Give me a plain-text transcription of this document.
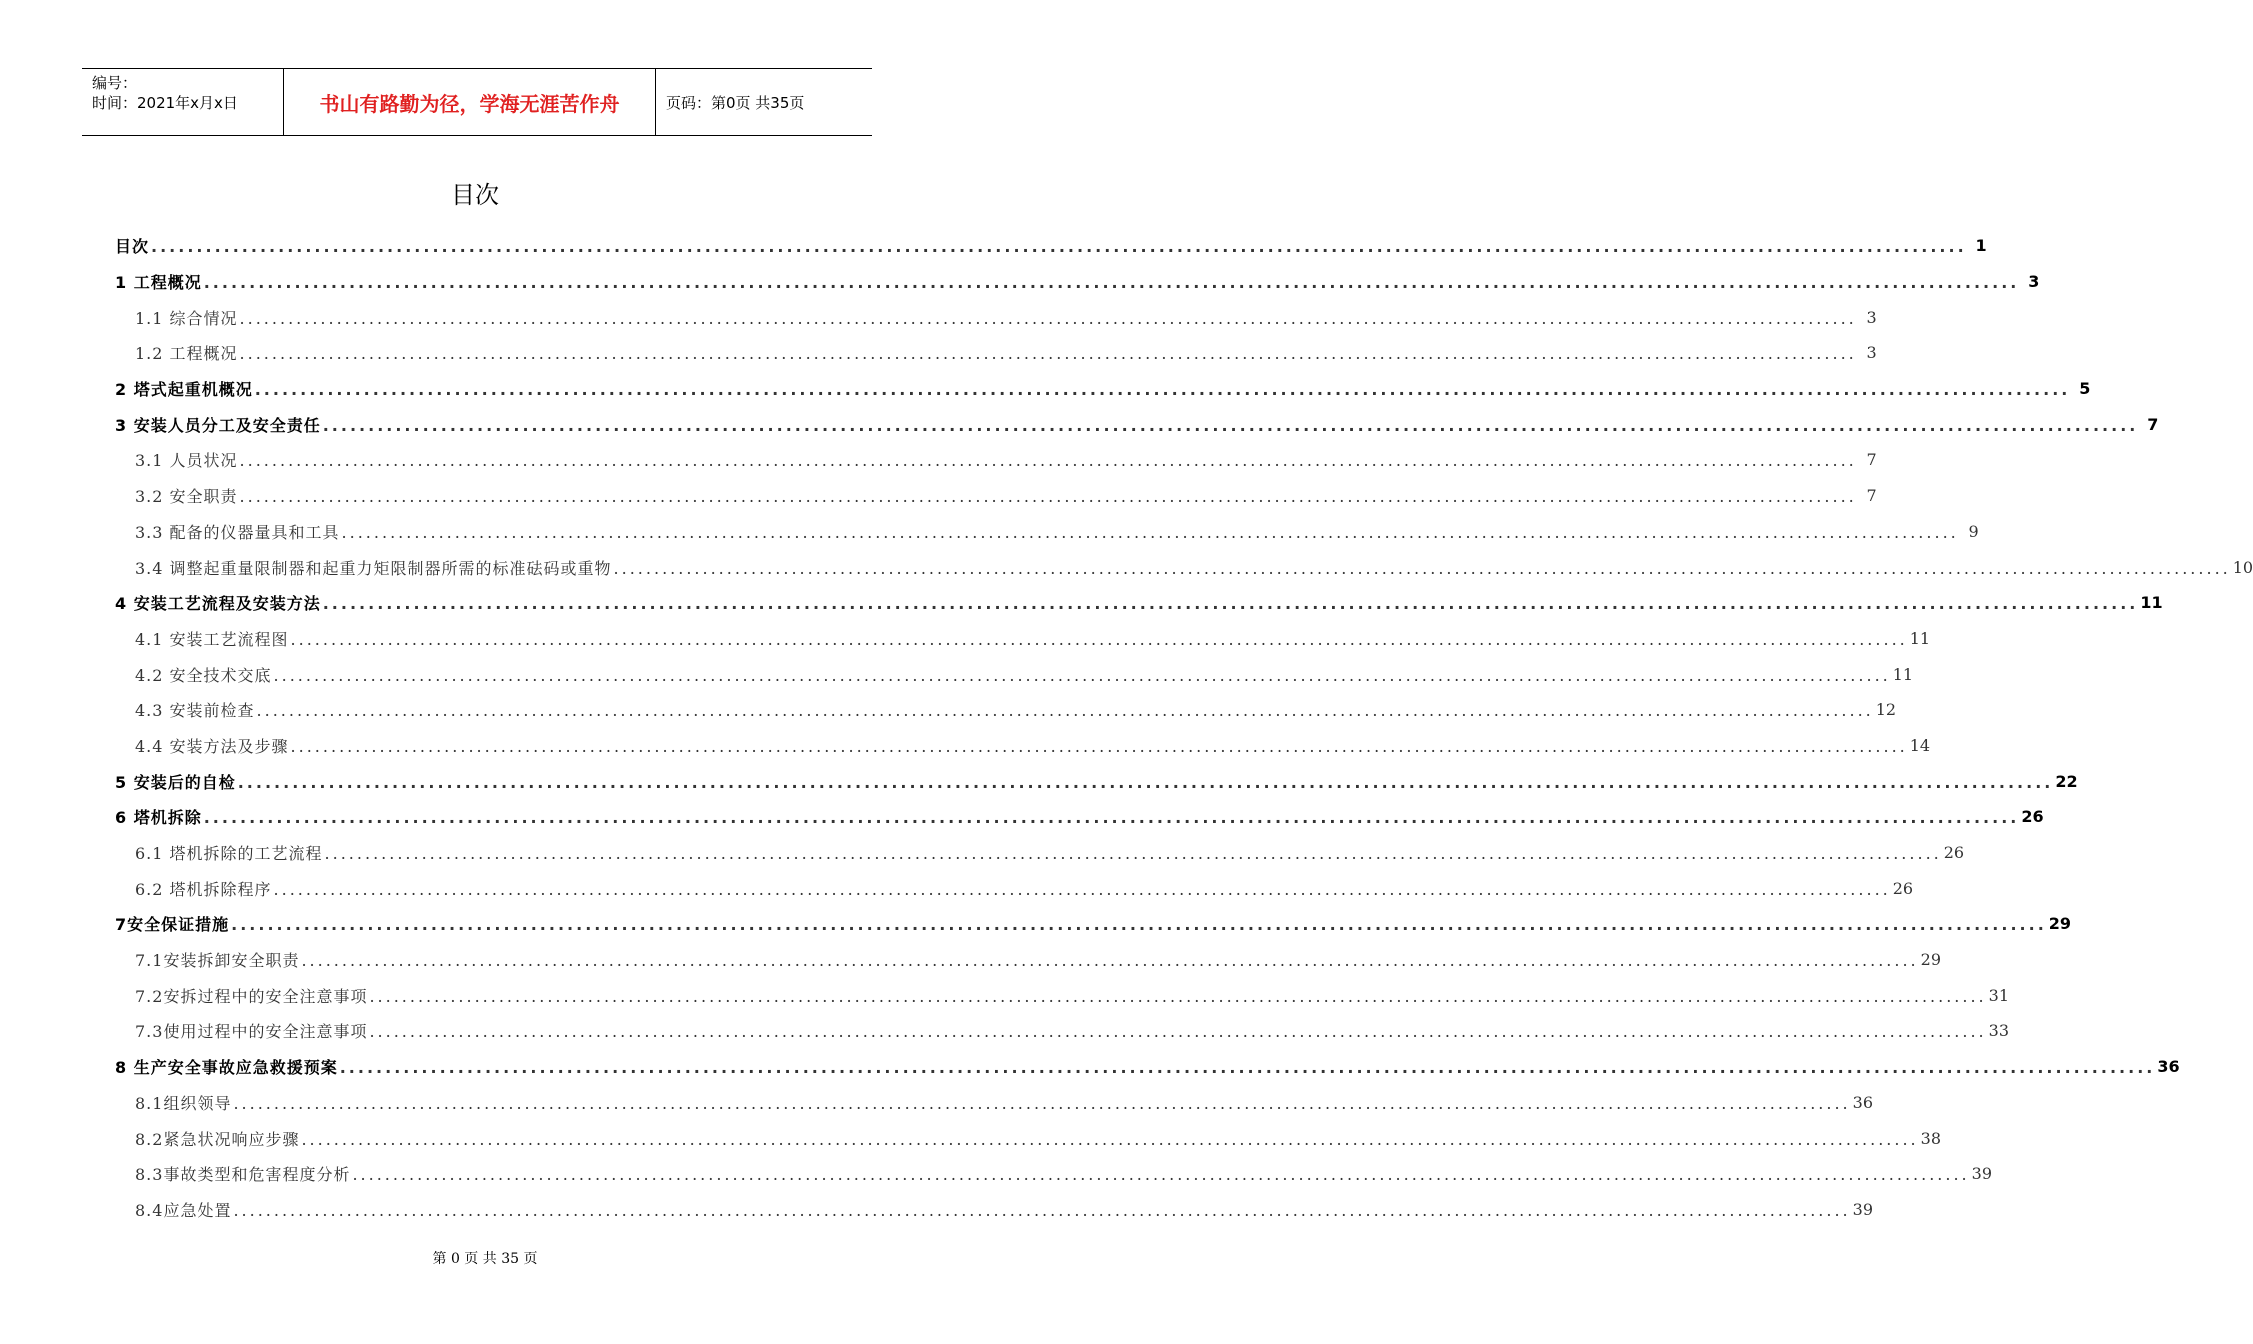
编号：
时间：2021年x月x日	书山有路勤为径，学海无涯苦作舟	页码：第0页 共35页
目次
目次 ........................................................................................................................................................................................................ 1
1 工程概况 ........................................................................................................................................................................................................ 3
1.1 综合情况 ........................................................................................................................................................................................................ 3
1.2 工程概况 ........................................................................................................................................................................................................ 3
2 塔式起重机概况 ........................................................................................................................................................................................................ 5
3 安装人员分工及安全责任 ........................................................................................................................................................................................................ 7
3.1 人员状况 ........................................................................................................................................................................................................ 7
3.2 安全职责 ........................................................................................................................................................................................................ 7
3.3 配备的仪器量具和工具 ........................................................................................................................................................................................................ 9
3.4 调整起重量限制器和起重力矩限制器所需的标准砝码或重物 ........................................................................................................................................................................................................ 10
4 安装工艺流程及安装方法 ........................................................................................................................................................................................................ 11
4.1 安装工艺流程图 ........................................................................................................................................................................................................ 11
4.2 安全技术交底 ........................................................................................................................................................................................................ 11
4.3 安装前检查 ........................................................................................................................................................................................................ 12
4.4 安装方法及步骤 ........................................................................................................................................................................................................ 14
5 安装后的自检 ........................................................................................................................................................................................................ 22
6 塔机拆除 ........................................................................................................................................................................................................ 26
6.1 塔机拆除的工艺流程 ........................................................................................................................................................................................................ 26
6.2 塔机拆除程序 ........................................................................................................................................................................................................ 26
7安全保证措施 ........................................................................................................................................................................................................ 29
7.1安装拆卸安全职责 ........................................................................................................................................................................................................ 29
7.2安拆过程中的安全注意事项 ........................................................................................................................................................................................................ 31
7.3使用过程中的安全注意事项 ........................................................................................................................................................................................................ 33
8 生产安全事故应急救援预案 ........................................................................................................................................................................................................ 36
8.1组织领导 ........................................................................................................................................................................................................ 36
8.2紧急状况响应步骤 ........................................................................................................................................................................................................ 38
8.3事故类型和危害程度分析 ........................................................................................................................................................................................................ 39
8.4应急处置 ........................................................................................................................................................................................................ 39
第 0 页 共 35 页
